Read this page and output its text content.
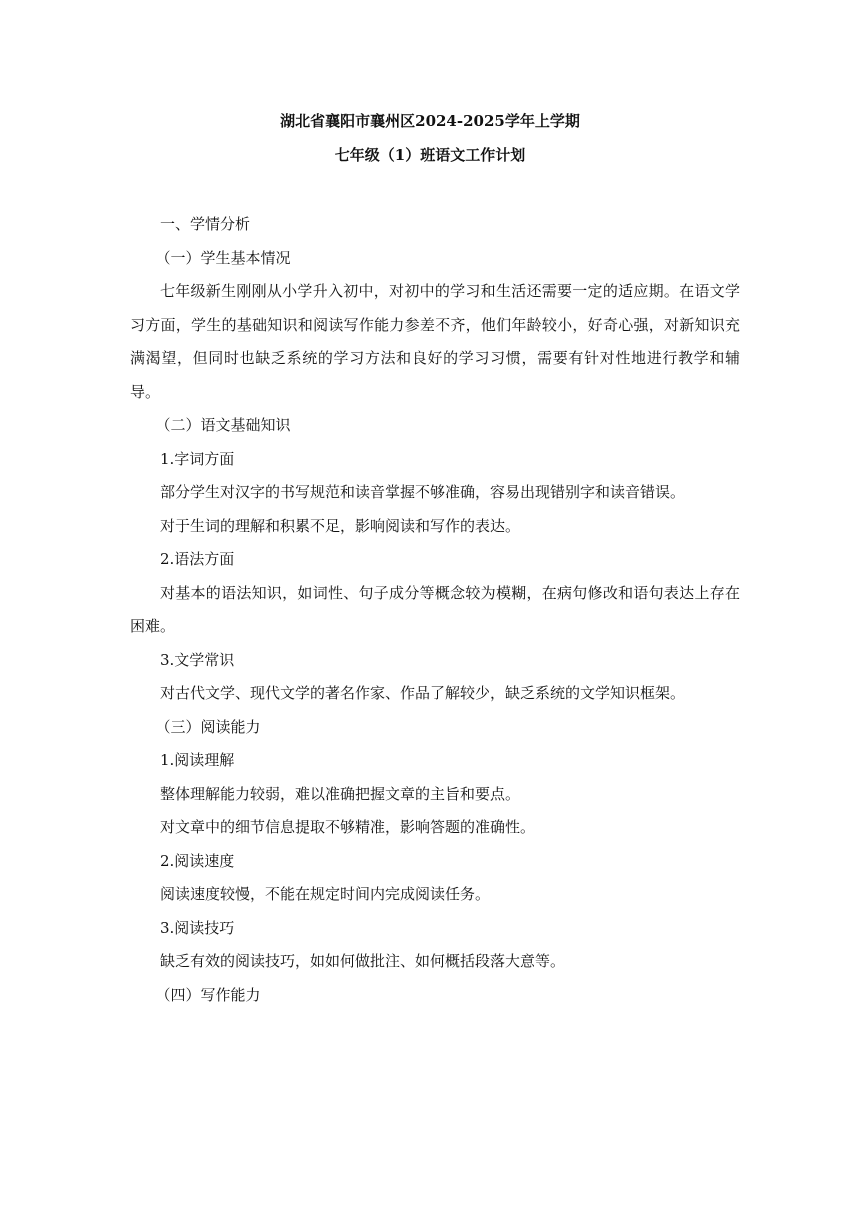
湖北省襄阳市襄州区2024-2025学年上学期
七年级（1）班语文工作计划

一、学情分析

（一）学生基本情况

七年级新生刚刚从小学升入初中，对初中的学习和生活还需要一定的适应期。在语文学习方面，学生的基础知识和阅读写作能力参差不齐，他们年龄较小，好奇心强，对新知识充满渴望，但同时也缺乏系统的学习方法和良好的学习习惯，需要有针对性地进行教学和辅导。

（二）语文基础知识

1.字词方面

部分学生对汉字的书写规范和读音掌握不够准确，容易出现错别字和读音错误。

对于生词的理解和积累不足，影响阅读和写作的表达。

2.语法方面

对基本的语法知识，如词性、句子成分等概念较为模糊，在病句修改和语句表达上存在困难。

3.文学常识

对古代文学、现代文学的著名作家、作品了解较少，缺乏系统的文学知识框架。

（三）阅读能力

1.阅读理解

整体理解能力较弱，难以准确把握文章的主旨和要点。

对文章中的细节信息提取不够精准，影响答题的准确性。

2.阅读速度

阅读速度较慢，不能在规定时间内完成阅读任务。

3.阅读技巧

缺乏有效的阅读技巧，如如何做批注、如何概括段落大意等。

（四）写作能力
